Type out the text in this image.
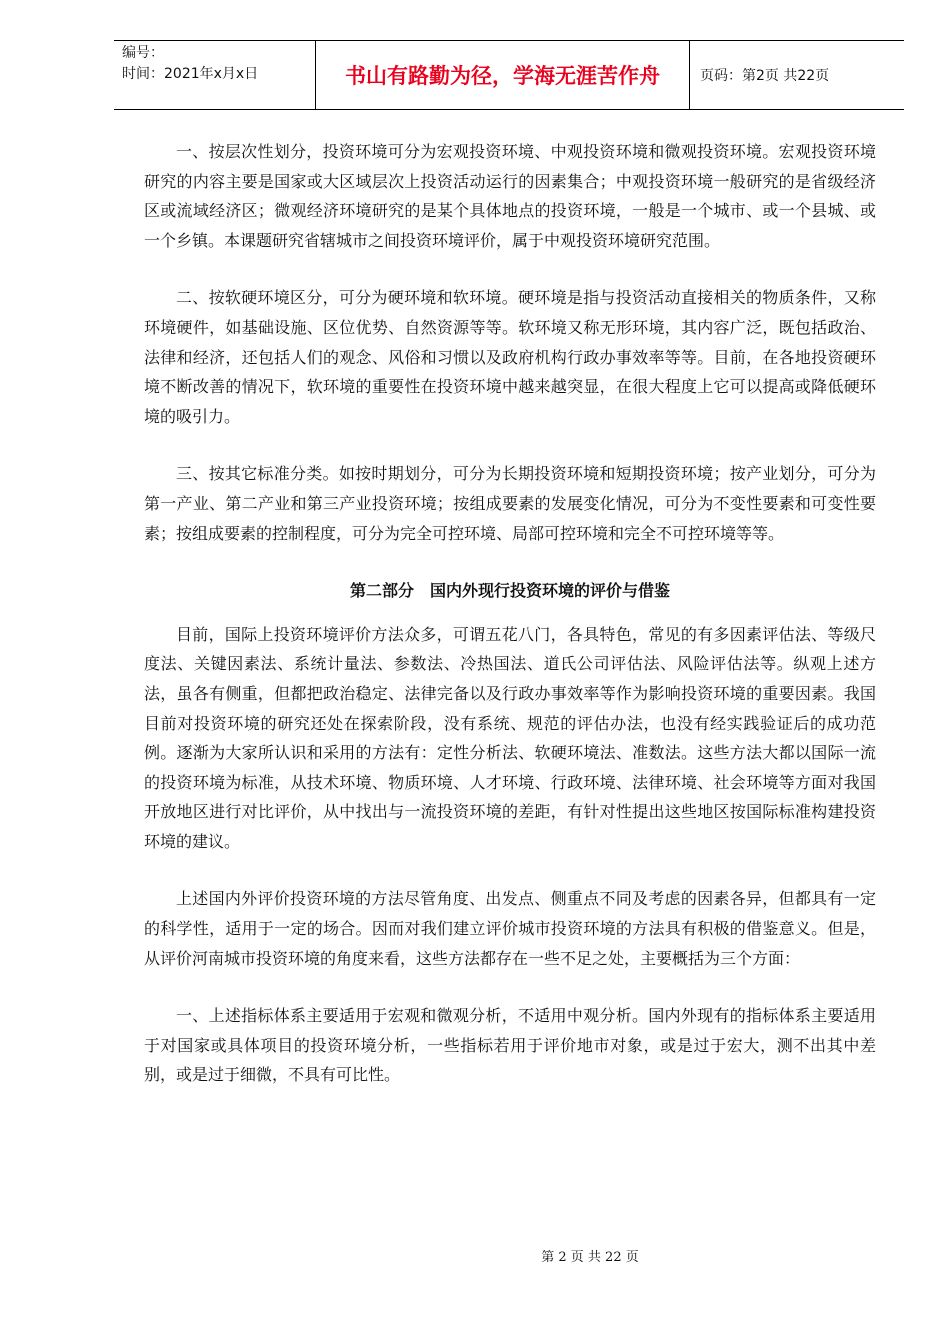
编号：
时间：2021年x月x日	书山有路勤为径，学海无涯苦作舟	页码：第2页 共22页

一、按层次性划分，投资环境可分为宏观投资环境、中观投资环境和微观投资环境。宏观投资环境研究的内容主要是国家或大区域层次上投资活动运行的因素集合；中观投资环境一般研究的是省级经济区或流域经济区；微观经济环境研究的是某个具体地点的投资环境，一般是一个城市、或一个县城、或一个乡镇。本课题研究省辖城市之间投资环境评价，属于中观投资环境研究范围。

二、按软硬环境区分，可分为硬环境和软环境。硬环境是指与投资活动直接相关的物质条件，又称环境硬件，如基础设施、区位优势、自然资源等等。软环境又称无形环境，其内容广泛，既包括政治、法律和经济，还包括人们的观念、风俗和习惯以及政府机构行政办事效率等等。目前，在各地投资硬环境不断改善的情况下，软环境的重要性在投资环境中越来越突显，在很大程度上它可以提高或降低硬环境的吸引力。

三、按其它标准分类。如按时期划分，可分为长期投资环境和短期投资环境；按产业划分，可分为第一产业、第二产业和第三产业投资环境；按组成要素的发展变化情况，可分为不变性要素和可变性要素；按组成要素的控制程度，可分为完全可控环境、局部可控环境和完全不可控环境等等。

第二部分　国内外现行投资环境的评价与借鉴

目前，国际上投资环境评价方法众多，可谓五花八门，各具特色，常见的有多因素评估法、等级尺度法、关键因素法、系统计量法、参数法、冷热国法、道氏公司评估法、风险评估法等。纵观上述方法，虽各有侧重，但都把政治稳定、法律完备以及行政办事效率等作为影响投资环境的重要因素。我国目前对投资环境的研究还处在探索阶段，没有系统、规范的评估办法，也没有经实践验证后的成功范例。逐渐为大家所认识和采用的方法有：定性分析法、软硬环境法、准数法。这些方法大都以国际一流的投资环境为标准，从技术环境、物质环境、人才环境、行政环境、法律环境、社会环境等方面对我国开放地区进行对比评价，从中找出与一流投资环境的差距，有针对性提出这些地区按国际标准构建投资环境的建议。

上述国内外评价投资环境的方法尽管角度、出发点、侧重点不同及考虑的因素各异，但都具有一定的科学性，适用于一定的场合。因而对我们建立评价城市投资环境的方法具有积极的借鉴意义。但是，从评价河南城市投资环境的角度来看，这些方法都存在一些不足之处，主要概括为三个方面：

一、上述指标体系主要适用于宏观和微观分析，不适用中观分析。国内外现有的指标体系主要适用于对国家或具体项目的投资环境分析，一些指标若用于评价地市对象，或是过于宏大，测不出其中差别，或是过于细微，不具有可比性。

第 2 页 共 22 页
